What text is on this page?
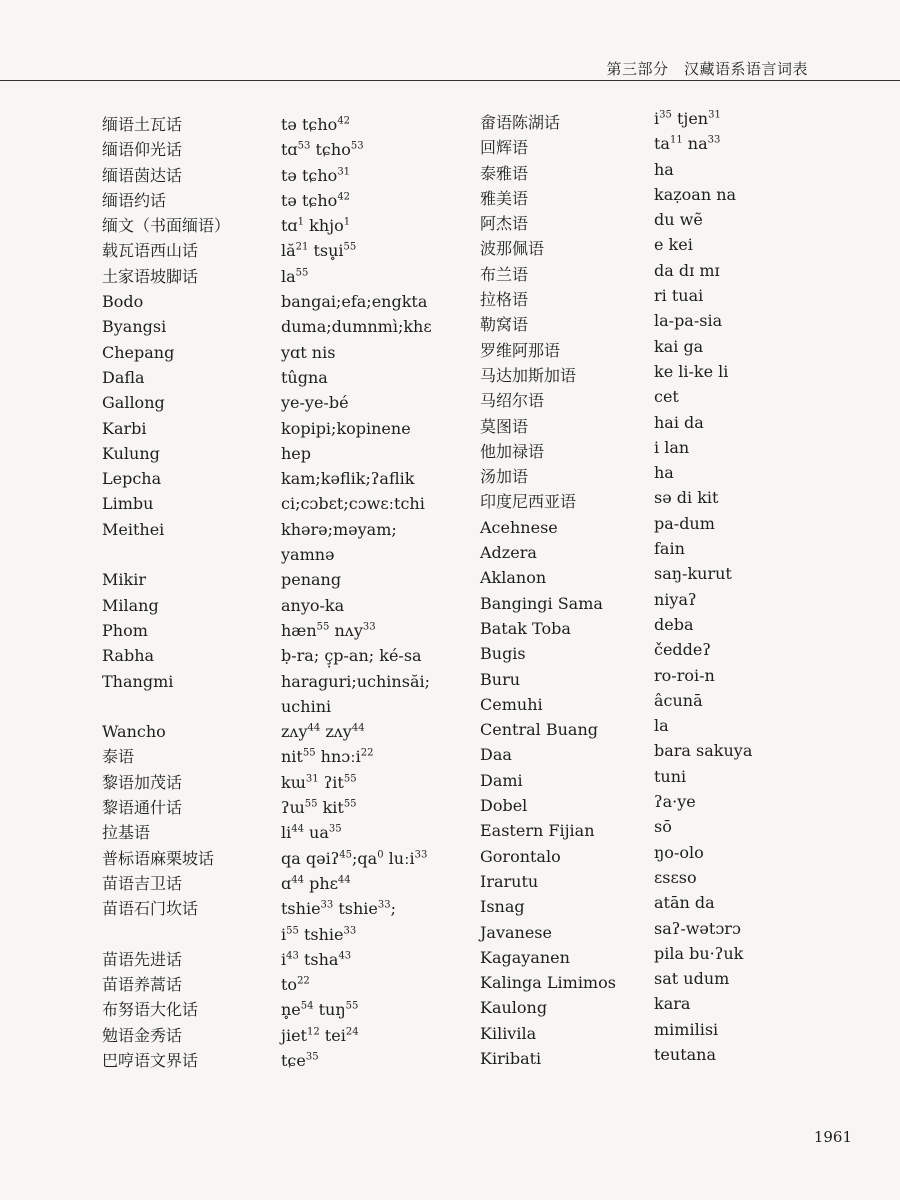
第三部分　汉藏语系语言词表
缅语土瓦话
缅语仰光话
缅语茵达话
缅语约话
缅文（书面缅语）
载瓦语西山话
土家语坡脚话
Bodo
Byangsi
Chepang
Dafla
Gallong
Karbi
Kulung
Lepcha
Limbu
Meithei
Mikir
Milang
Phom
Rabha
Thangmi
Wancho
泰语
黎语加茂话
黎语通什话
拉基语
普标语麻栗坡话
苗语吉卫话
苗语石门坎话
苗语先进话
苗语养蒿话
布努语大化话
勉语金秀话
巴哼语文界话
tə tɕho$^{42}$
tɑ$^{53}$ tɕho$^{53}$
tə tɕho$^{31}$
tə tɕho$^{42}$
tɑ$^1$ khjo$^1$
$lă^{21}$ $tsu̥i^{55}$
$la^{55}$
bangai;efa;engkta
duma;dumnmì;khɛ
yɑt nis
tûgna
ye-ye-bé
kopipi;kopinene
hep
kam;kəflik;ʔaflik
ci;cɔbɛt;cɔwɛːtchi
khərə;məyam;
yamnə
penang
anyo-ka
hæn$^{55}$ nʌy$^{33}$
ḅ-ra; ç̣p-an; ké-sa
haraguri;uchinsăi;
uchini
zʌy$^{44}$ zʌy$^{44}$
nit$^{55}$ hnɔːi$^{22}$
kɯ$^{31}$ ʔit$^{55}$
ʔɯ$^{55}$ kit$^{55}$
$li^{44}$ $ua^{35}$
qa $qəiʔ^{45};qa^0$ luːi$^{33}$
ɑ$^{44}$ phɛ$^{44}$
tshie$^{33}$ tshie$^{33}$;
$i^{55}$ tshie$^{33}$
$i^{43}$ tsha$^{43}$
$to^{22}$
$n̥e^{54}$ tuŋ$^{55}$
jiet$^{12}$ tei$^{24}$
tɕe$^{35}$
畲语陈湖话
回辉语
泰雅语
雅美语
阿杰语
波那佩语
布兰语
拉格语
勒窝语
罗维阿那语
马达加斯加语
马绍尔语
莫图语
他加禄语
汤加语
印度尼西亚语
Acehnese
Adzera
Aklanon
Bangingi Sama
Batak Toba
Bugis
Buru
Cemuhi
Central Buang
Daa
Dami
Dobel
Eastern Fijian
Gorontalo
Irarutu
Isnag
Javanese
Kagayanen
Kalinga Limimos
Kaulong
Kilivila
Kiribati
$i^{35}$ tjen$^{31}$
$ta^{11}$ $na^{33}$
ha
kaẓoan na
du wẽ
e kei
da dɪ mɪ
ri tuai
la-pa-sia
kai ga
ke li-ke li
cet
hai da
i lan
ha
sə di kit
pa-dum
fain
saŋ-kurut
niyaʔ
deba
čeddeʔ
ro-roi-n
âcunā
la
bara sakuya
tuni
ʔa·ye
sō
ŋo-olo
ɛsɛso
atān da
saʔ-wətɔrɔ
pila bu·ʔuk
sat udum
kara
mimilisi
teutana
1961
